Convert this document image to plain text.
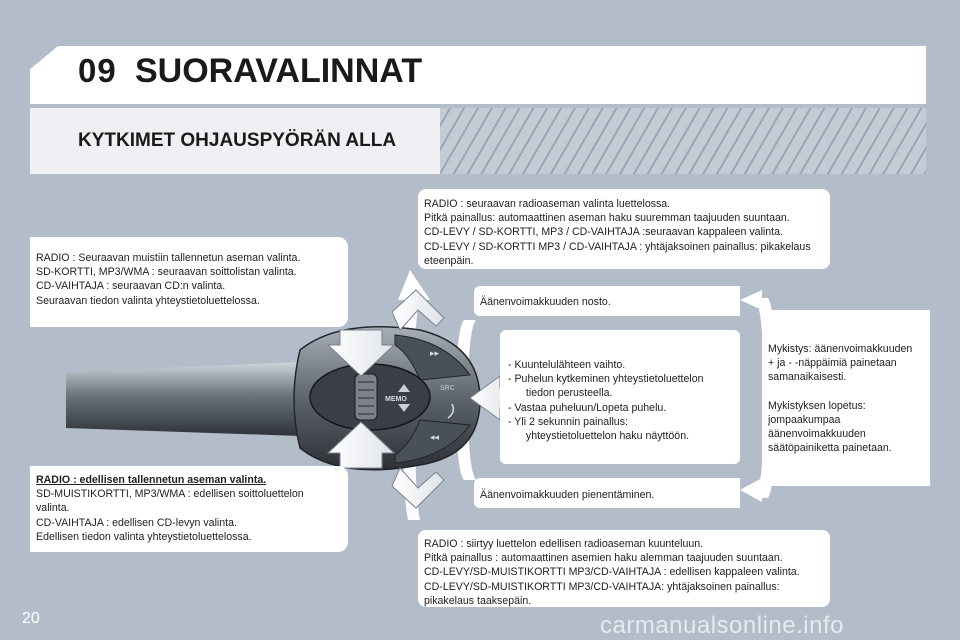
09 SUORAVALINNAT
KYTKIMET OHJAUSPYÖRÄN ALLA
MEMO
SRC
▸▸
◂◂

RADIO : Seuraavan muistiin tallennetun aseman valinta.

SD-KORTTI, MP3/WMA : seuraavan soittolistan valinta.

CD-VAIHTAJA : seuraavan CD:n valinta.

Seuraavan tiedon valinta yhteystietoluettelossa.

RADIO : edellisen tallennetun aseman valinta.

SD-MUISTIKORTTI, MP3/WMA : edellisen soittoluettelon

valinta.

CD-VAIHTAJA : edellisen CD-levyn valinta.

Edellisen tiedon valinta yhteystietoluettelossa.

RADIO : seuraavan radioaseman valinta luettelossa.

Pitkä painallus: automaattinen aseman haku suuremman taajuuden suuntaan.

CD-LEVY / SD-KORTTI, MP3 / CD-VAIHTAJA :seuraavan kappaleen valinta.

CD-LEVY / SD-KORTTI MP3 / CD-VAIHTAJA : yhtäjaksoinen painallus: pikakelaus

eteenpäin.

Äänenvoimakkuuden nosto.

- Kuuntelulähteen vaihto.
- Puhelun kytkeminen yhteystietoluettelon
tiedon perusteella.
- Vastaa puheluun/Lopeta puhelu.
- Yli 2 sekunnin painallus:
yhteystietoluettelon haku näyttöön.

Äänenvoimakkuuden pienentäminen.

Mykistys: äänenvoimakkuuden

+ ja - -näppäimiä painetaan

samanaikaisesti.

Mykistyksen lopetus:

jompaakumpaa

äänenvoimakkuuden

säätöpainiketta painetaan.

RADIO : siirtyy luettelon edellisen radioaseman kuunteluun.

Pitkä painallus : automaattinen asemien haku alemman taajuuden suuntaan.

CD-LEVY/SD-MUISTIKORTTI MP3/CD-VAIHTAJA : edellisen kappaleen valinta.

CD-LEVY/SD-MUISTIKORTTI MP3/CD-VAIHTAJA: yhtäjaksoinen painallus:

pikakelaus taaksepäin.

20	carmanualsonline.info
